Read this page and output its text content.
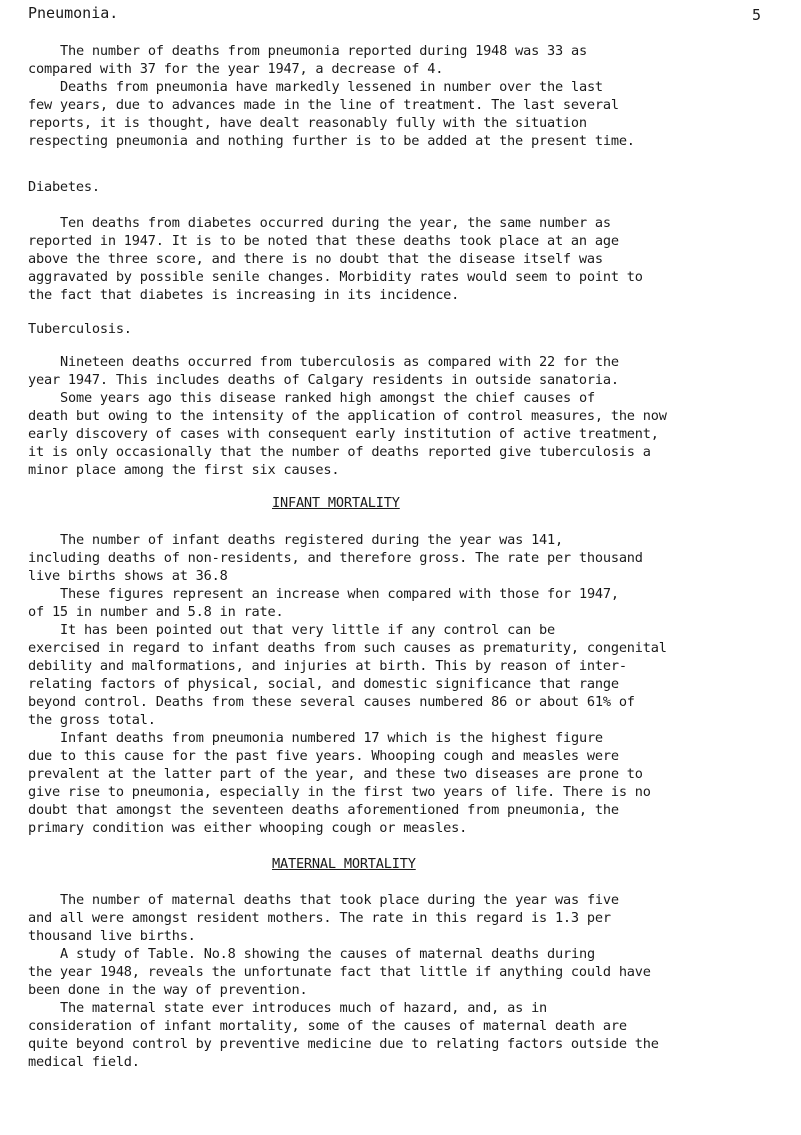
Pneumonia.	5
The number of deaths from pneumonia reported during 1948 was 33 as
compared with 37 for the year 1947, a decrease of 4.
Deaths from pneumonia have markedly lessened in number over the last
few years, due to advances made in the line of treatment. The last several
reports, it is thought, have dealt reasonably fully with the situation
respecting pneumonia and nothing further is to be added at the present time.
Diabetes.
Ten deaths from diabetes occurred during the year, the same number as
reported in 1947. It is to be noted that these deaths took place at an age
above the three score, and there is no doubt that the disease itself was
aggravated by possible senile changes. Morbidity rates would seem to point to
the fact that diabetes is increasing in its incidence.
Tuberculosis.
Nineteen deaths occurred from tuberculosis as compared with 22 for the
year 1947. This includes deaths of Calgary residents in outside sanatoria.
Some years ago this disease ranked high amongst the chief causes of
death but owing to the intensity of the application of control measures, the now
early discovery of cases with consequent early institution of active treatment,
it is only occasionally that the number of deaths reported give tuberculosis a
minor place among the first six causes.
INFANT MORTALITY
The number of infant deaths registered during the year was 141,
including deaths of non-residents, and therefore gross. The rate per thousand
live births shows at 36.8
These figures represent an increase when compared with those for 1947,
of 15 in number and 5.8 in rate.
It has been pointed out that very little if any control can be
exercised in regard to infant deaths from such causes as prematurity, congenital
debility and malformations, and injuries at birth. This by reason of inter-
relating factors of physical, social, and domestic significance that range
beyond control. Deaths from these several causes numbered 86 or about 61% of
the gross total.
Infant deaths from pneumonia numbered 17 which is the highest figure
due to this cause for the past five years. Whooping cough and measles were
prevalent at the latter part of the year, and these two diseases are prone to
give rise to pneumonia, especially in the first two years of life. There is no
doubt that amongst the seventeen deaths aforementioned from pneumonia, the
primary condition was either whooping cough or measles.
MATERNAL MORTALITY
The number of maternal deaths that took place during the year was five
and all were amongst resident mothers. The rate in this regard is 1.3 per
thousand live births.
A study of Table. No.8 showing the causes of maternal deaths during
the year 1948, reveals the unfortunate fact that little if anything could have
been done in the way of prevention.
The maternal state ever introduces much of hazard, and, as in
consideration of infant mortality, some of the causes of maternal death are
quite beyond control by preventive medicine due to relating factors outside the
medical field.
